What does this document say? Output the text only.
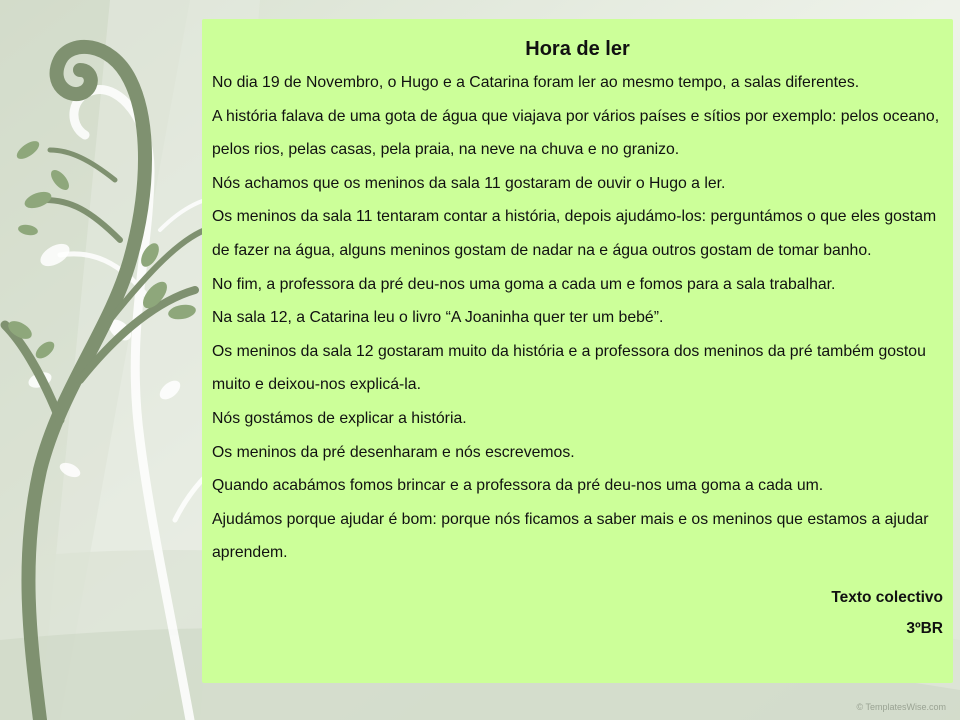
Hora de ler

No dia 19 de Novembro, o Hugo e a Catarina foram ler ao mesmo tempo, a salas diferentes.

A história falava de uma gota de água que viajava por vários países e sítios por exemplo: pelos oceano, pelos rios, pelas casas, pela praia, na neve na chuva e no granizo.

Nós achamos que os meninos da sala 11 gostaram de ouvir o Hugo a ler.

Os meninos da sala 11 tentaram contar a história, depois ajudámo-los: perguntámos o que eles gostam de fazer na água, alguns meninos gostam de nadar na e água outros gostam de tomar banho.

No fim, a professora da pré deu-nos uma goma a cada um e fomos para a sala trabalhar.

Na sala 12, a Catarina leu o livro “A Joaninha quer ter um bebé”.

Os meninos da sala 12 gostaram muito da história e a professora dos meninos da pré também gostou muito e deixou-nos explicá-la.

Nós gostámos de explicar a história.

Os meninos da pré desenharam e nós escrevemos.

Quando acabámos fomos brincar e a professora da pré deu-nos uma goma a cada um.

Ajudámos porque ajudar é bom: porque nós ficamos a saber mais e os meninos que estamos a ajudar aprendem.

Texto colectivo
3ºBR
© TemplatesWise.com
